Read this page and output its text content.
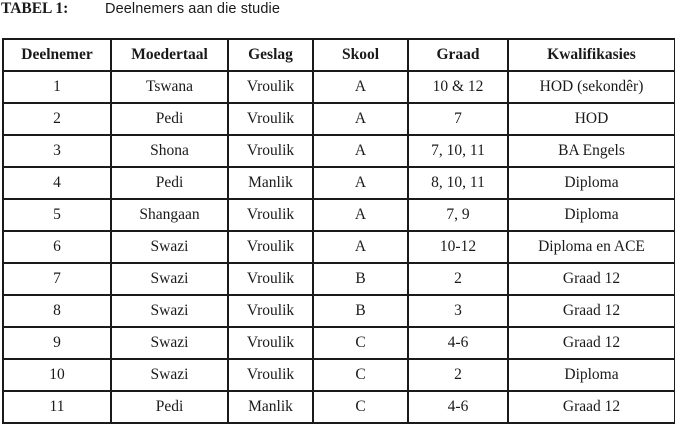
TABEL 1:	Deelnemers aan die studie
Deelnemer	Moedertaal	Geslag	Skool	Graad	Kwalifikasies
1	Tswana	Vroulik	A	10 & 12	HOD (sekondêr)
2	Pedi	Vroulik	A	7	HOD
3	Shona	Vroulik	A	7, 10, 11	BA Engels
4	Pedi	Manlik	A	8, 10, 11	Diploma
5	Shangaan	Vroulik	A	7, 9	Diploma
6	Swazi	Vroulik	A	10-12	Diploma en ACE
7	Swazi	Vroulik	B	2	Graad 12
8	Swazi	Vroulik	B	3	Graad 12
9	Swazi	Vroulik	C	4-6	Graad 12
10	Swazi	Vroulik	C	2	Diploma
11	Pedi	Manlik	C	4-6	Graad 12
